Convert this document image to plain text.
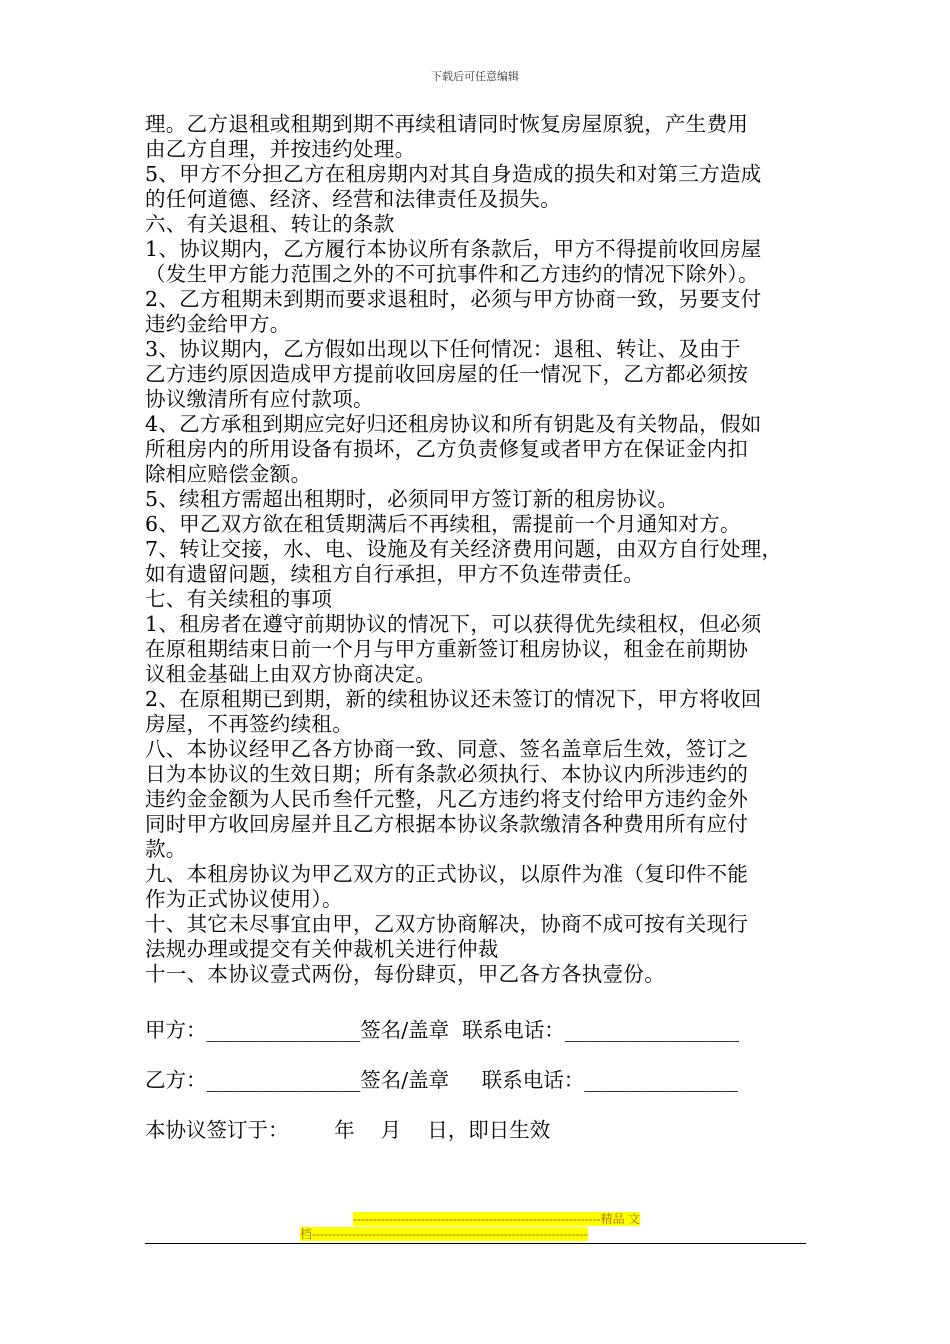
下载后可任意编辑
理。乙方退租或租期到期不再续租请同时恢复房屋原貌，产生费用
由乙方自理，并按违约处理。
5、甲方不分担乙方在租房期内对其自身造成的损失和对第三方造成
的任何道德、经济、经营和法律责任及损失。
六、有关退租、转让的条款
1、协议期内，乙方履行本协议所有条款后，甲方不得提前收回房屋
（发生甲方能力范围之外的不可抗事件和乙方违约的情况下除外）。
2、乙方租期未到期而要求退租时，必须与甲方协商一致，另要支付
违约金给甲方。
3、协议期内，乙方假如出现以下任何情况：退租、转让、及由于
乙方违约原因造成甲方提前收回房屋的任一情况下，乙方都必须按
协议缴清所有应付款项。
4、乙方承租到期应完好归还租房协议和所有钥匙及有关物品，假如
所租房内的所用设备有损坏，乙方负责修复或者甲方在保证金内扣
除相应赔偿金额。
5、续租方需超出租期时，必须同甲方签订新的租房协议。
6、甲乙双方欲在租赁期满后不再续租，需提前一个月通知对方。
7、转让交接，水、电、设施及有关经济费用问题，由双方自行处理，
如有遗留问题，续租方自行承担，甲方不负连带责任。
七、有关续租的事项
1、租房者在遵守前期协议的情况下，可以获得优先续租权，但必须
在原租期结束日前一个月与甲方重新签订租房协议，租金在前期协
议租金基础上由双方协商决定。
2、在原租期已到期，新的续租协议还未签订的情况下，甲方将收回
房屋，不再签约续租。
八、本协议经甲乙各方协商一致、同意、签名盖章后生效，签订之
日为本协议的生效日期；所有条款必须执行、本协议内所涉违约的
违约金金额为人民币叁仟元整，凡乙方违约将支付给甲方违约金外
同时甲方收回房屋并且乙方根据本协议条款缴清各种费用所有应付
款。
九、本租房协议为甲乙双方的正式协议，以原件为准（复印件不能
作为正式协议使用）。
十、其它未尽事宜由甲，乙双方协商解决，协商不成可按有关现行
法规办理或提交有关仲裁机关进行仲裁
十一、本协议壹式两份，每份肆页，甲乙各方各执壹份。
甲方：_______________签名/盖章  联系电话：_________________
乙方：_______________签名/盖章     联系电话：_______________
本协议签订于：       年    月    日，即日生效
--------------------------------------------------------------精品 文
档---------------------------------------------------------------------
